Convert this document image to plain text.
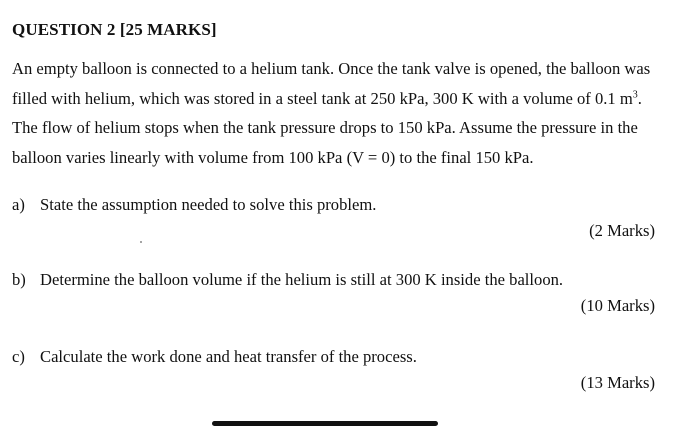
QUESTION 2 [25 MARKS]

An empty balloon is connected to a helium tank. Once the tank valve is opened, the balloon was
filled with helium, which was stored in a steel tank at 250 kPa, 300 K with a volume of 0.1 $m^3$.
The flow of helium stops when the tank pressure drops to 150 kPa. Assume the pressure in the
balloon varies linearly with volume from 100 kPa (V = 0) to the final 150 kPa.

a) State the assumption needed to solve this problem.
(2 Marks)
b) Determine the balloon volume if the helium is still at 300 K inside the balloon.
(10 Marks)
c) Calculate the work done and heat transfer of the process.
(13 Marks)
